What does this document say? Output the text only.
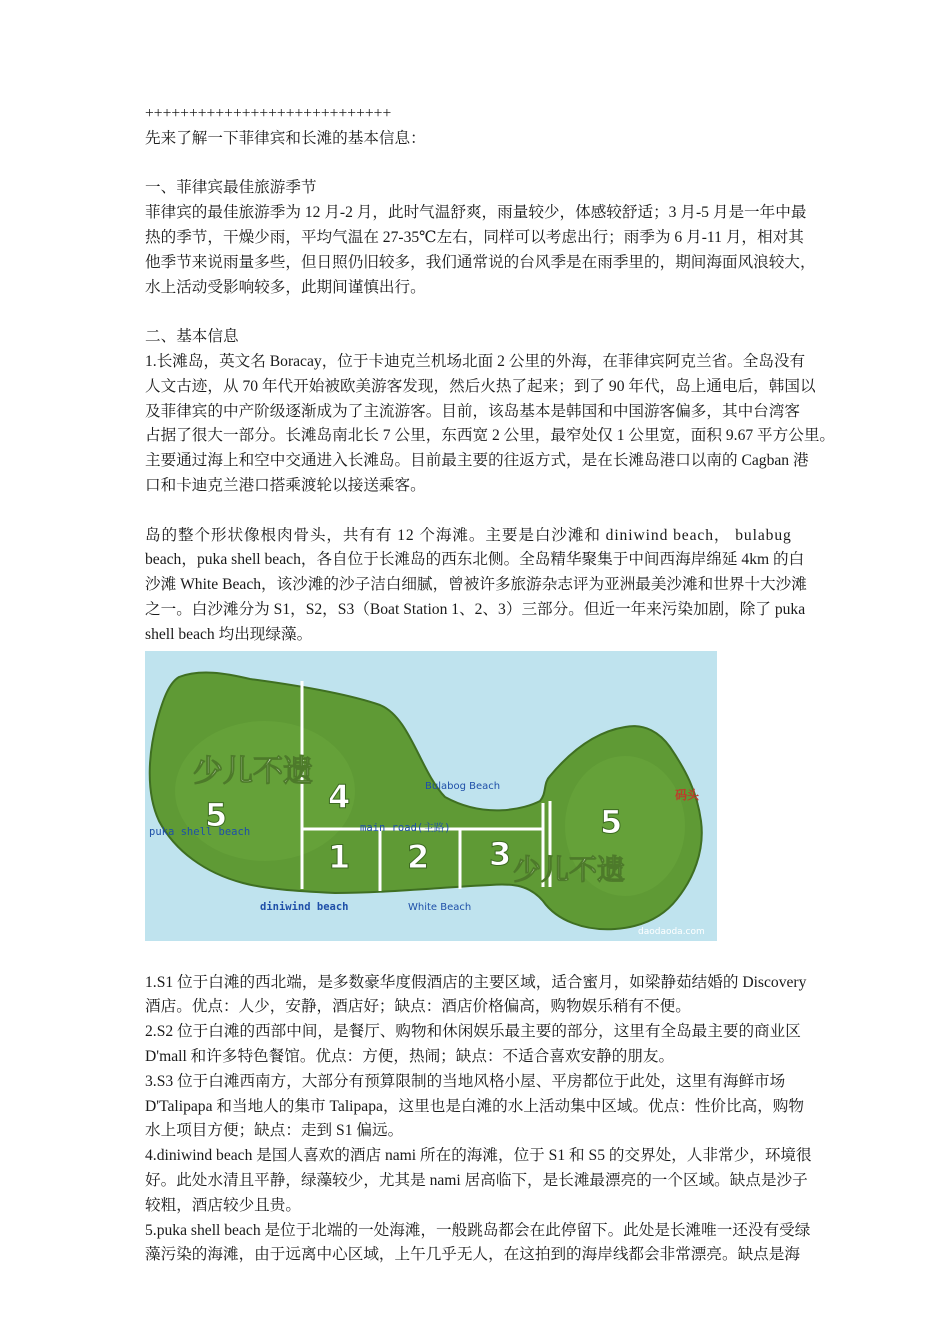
++++++++++++++++++++++++++++

先来了解一下菲律宾和长滩的基本信息：

一、菲律宾最佳旅游季节

菲律宾的最佳旅游季为 12 月-2 月，此时气温舒爽，雨量较少，体感较舒适；3 月-5 月是一年中最

热的季节，干燥少雨，平均气温在 27-35℃左右，同样可以考虑出行；雨季为 6 月-11 月，相对其

他季节来说雨量多些，但日照仍旧较多，我们通常说的台风季是在雨季里的，期间海面风浪较大，

水上活动受影响较多，此期间谨慎出行。

二、基本信息

1.长滩岛，英文名 Boracay，位于卡迪克兰机场北面 2 公里的外海，在菲律宾阿克兰省。全岛没有

人文古迹，从 70 年代开始被欧美游客发现，然后火热了起来；到了 90 年代，岛上通电后，韩国以

及菲律宾的中产阶级逐渐成为了主流游客。目前，该岛基本是韩国和中国游客偏多，其中台湾客

占据了很大一部分。长滩岛南北长 7 公里，东西宽 2 公里，最窄处仅 1 公里宽，面积 9.67 平方公里。

主要通过海上和空中交通进入长滩岛。目前最主要的往返方式，是在长滩岛港口以南的 Cagban 港

口和卡迪克兰港口搭乘渡轮以接送乘客。

岛的整个形状像根肉骨头，共有有 12 个海滩。主要是白沙滩和 diniwind beach， bulabug

beach，puka shell beach，各自位于长滩岛的西东北侧。全岛精华聚集于中间西海岸绵延 4km 的白

沙滩 White Beach，该沙滩的沙子洁白细腻，曾被许多旅游杂志评为亚洲最美沙滩和世界十大沙滩

之一。白沙滩分为 S1，S2，S3（Boat Station 1、2、3）三部分。但近一年来污染加剧，除了 puka

shell beach 均出现绿藻。

5	4
1 2 3
5
少儿不遗
少儿不遗
Bulabog Beach
码头
puka shell beach	main road(主路)
diniwind beach	White Beach
daodaoda.com

1.S1 位于白滩的西北端，是多数豪华度假酒店的主要区域，适合蜜月，如梁静茹结婚的 Discovery

酒店。优点：人少，安静，酒店好；缺点：酒店价格偏高，购物娱乐稍有不便。

2.S2 位于白滩的西部中间，是餐厅、购物和休闲娱乐最主要的部分，这里有全岛最主要的商业区

D'mall 和许多特色餐馆。优点：方便，热闹；缺点：不适合喜欢安静的朋友。

3.S3 位于白滩西南方，大部分有预算限制的当地风格小屋、平房都位于此处，这里有海鲜市场

D'Talipapa 和当地人的集市 Talipapa，这里也是白滩的水上活动集中区域。优点：性价比高，购物

水上项目方便；缺点：走到 S1 偏远。

4.diniwind beach 是国人喜欢的酒店 nami 所在的海滩，位于 S1 和 S5 的交界处，人非常少，环境很

好。此处水清且平静，绿藻较少，尤其是 nami 居高临下，是长滩最漂亮的一个区域。缺点是沙子

较粗，酒店较少且贵。

5.puka shell beach 是位于北端的一处海滩，一般跳岛都会在此停留下。此处是长滩唯一还没有受绿

藻污染的海滩，由于远离中心区域，上午几乎无人，在这拍到的海岸线都会非常漂亮。缺点是海
